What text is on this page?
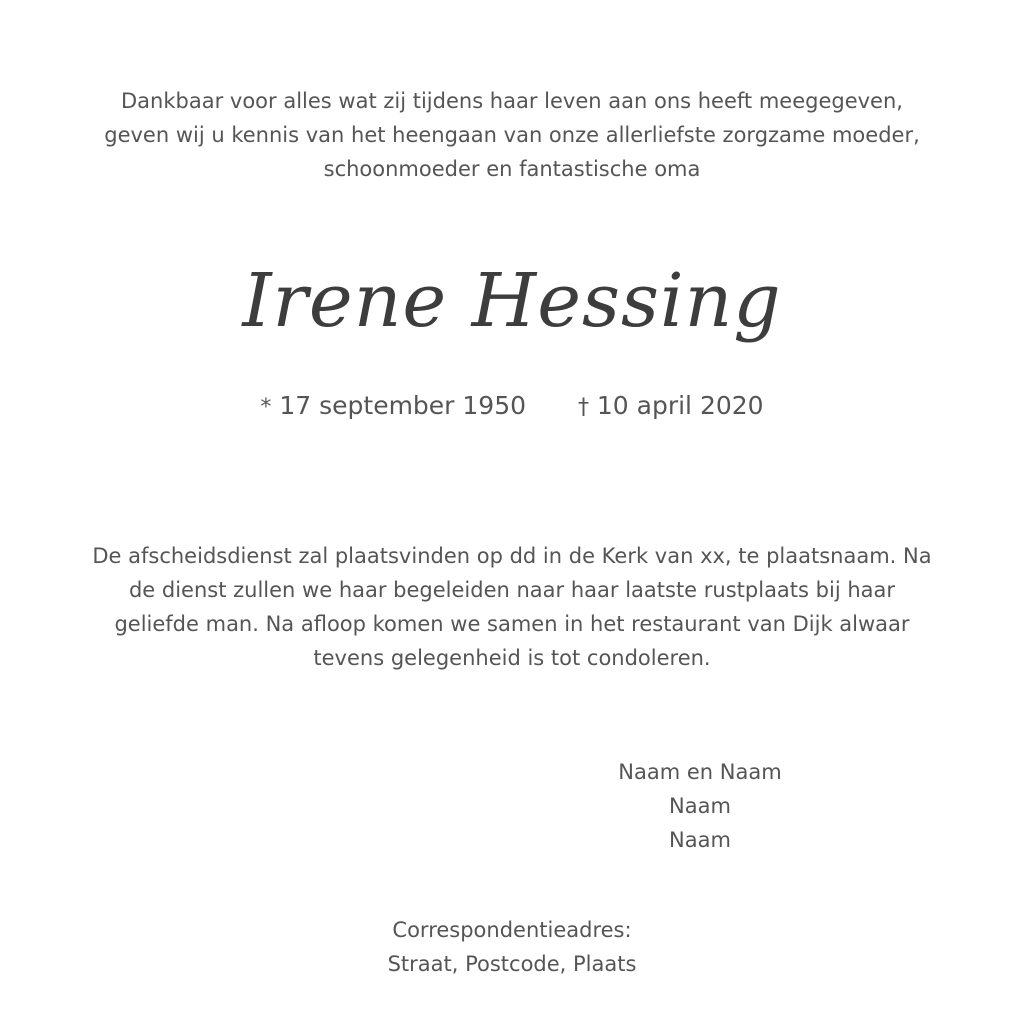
Dankbaar voor alles wat zij tijdens haar leven aan ons heeft meegegeven,
geven wij u kennis van het heengaan van onze allerliefste zorgzame moeder,
schoonmoeder en fantastische oma
Irene Hessing
* 17 september 1950 † 10 april 2020
De afscheidsdienst zal plaatsvinden op dd in de Kerk van xx, te plaatsnaam. Na
de dienst zullen we haar begeleiden naar haar laatste rustplaats bij haar
geliefde man. Na afloop komen we samen in het restaurant van Dijk alwaar
tevens gelegenheid is tot condoleren.
Naam en Naam
Naam
Naam
Correspondentieadres:
Straat, Postcode, Plaats
